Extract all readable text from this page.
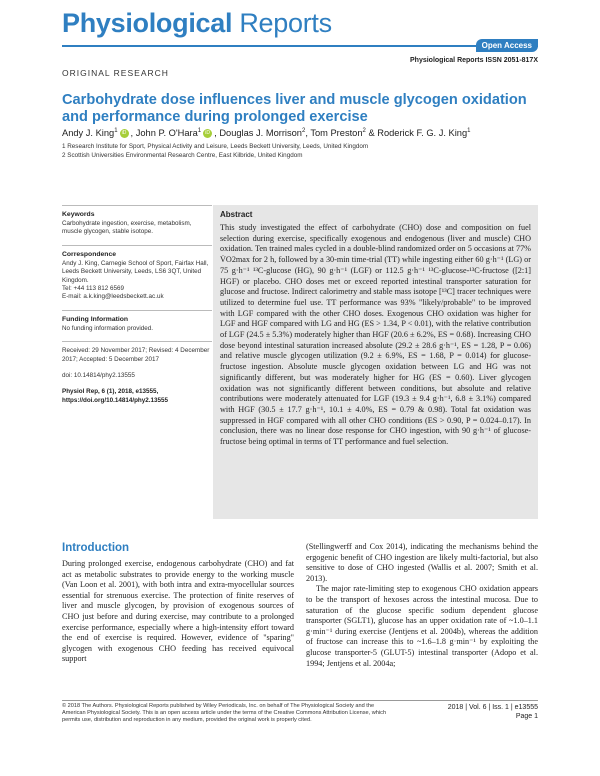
Physiological Reports
Open Access
Physiological Reports ISSN 2051-817X
ORIGINAL RESEARCH
Carbohydrate dose influences liver and muscle glycogen oxidation and performance during prolonged exercise
Andy J. King$^1$ iD , John P. O'Hara$^1$ iD , Douglas J. Morrison$^2$, Tom Preston$^2$ & Roderick F. G. J. King$^1$
1 Research Institute for Sport, Physical Activity and Leisure, Leeds Beckett University, Leeds, United Kingdom
2 Scottish Universities Environmental Research Centre, East Kilbride, United Kingdom
Keywords
Carbohydrate ingestion, exercise, metabolism, muscle glycogen, stable isotope.
Correspondence
Andy J. King, Carnegie School of Sport, Fairfax Hall, Leeds Beckett University, Leeds, LS6 3QT, United Kingdom.
Tel: +44 113 812 6569
E-mail: a.k.king@leedsbeckett.ac.uk
Funding Information
No funding information provided.
Received: 29 November 2017; Revised: 4 December 2017; Accepted: 5 December 2017
doi: 10.14814/phy2.13555
Physiol Rep, 6 (1), 2018, e13555, https://doi.org/10.14814/phy2.13555
Abstract
This study investigated the effect of carbohydrate (CHO) dose and composition on fuel selection during exercise, specifically exogenous and endogenous (liver and muscle) CHO oxidation. Ten trained males cycled in a double-blind randomized order on 5 occasions at 77% V̇O2max for 2 h, followed by a 30-min time-trial (TT) while ingesting either 60 g·h⁻¹ (LG) or 75 g·h⁻¹ ¹³C-glucose (HG), 90 g·h⁻¹ (LGF) or 112.5 g·h⁻¹ ¹³C-glucose-¹³C-fructose ([2:1] HGF) or placebo. CHO doses met or exceed reported intestinal transporter saturation for glucose and fructose. Indirect calorimetry and stable mass isotope [¹³C] tracer techniques were utilized to determine fuel use. TT performance was 93% "likely/probable" to be improved with LGF compared with the other CHO doses. Exogenous CHO oxidation was higher for LGF and HGF compared with LG and HG (ES > 1.34, P < 0.01), with the relative contribution of LGF (24.5 ± 5.3%) moderately higher than HGF (20.6 ± 6.2%, ES = 0.68). Increasing CHO dose beyond intestinal saturation increased absolute (29.2 ± 28.6 g·h⁻¹, ES = 1.28, P = 0.06) and relative muscle glycogen utilization (9.2 ± 6.9%, ES = 1.68, P = 0.014) for glucose-fructose ingestion. Absolute muscle glycogen oxidation between LG and HG was not significantly different, but was moderately higher for HG (ES = 0.60). Liver glycogen oxidation was not significantly different between conditions, but absolute and relative contributions were moderately attenuated for LGF (19.3 ± 9.4 g·h⁻¹, 6.8 ± 3.1%) compared with HGF (30.5 ± 17.7 g·h⁻¹, 10.1 ± 4.0%, ES = 0.79 & 0.98). Total fat oxidation was suppressed in HGF compared with all other CHO conditions (ES > 0.90, P = 0.024–0.17). In conclusion, there was no linear dose response for CHO ingestion, with 90 g·h⁻¹ of glucose-fructose being optimal in terms of TT performance and fuel selection.
Introduction

During prolonged exercise, endogenous carbohydrate (CHO) and fat act as metabolic substrates to provide energy to the working muscle (Van Loon et al. 2001), with both intra and extra-myocellular sources essential for strenuous exercise. The protection of finite reserves of liver and muscle glycogen, by provision of exogenous sources of CHO just before and during exercise, may contribute to a prolonged exercise performance, especially where a high-intensity effort toward the end of exercise is required. However, evidence of "sparing" glycogen with exogenous CHO feeding has received equivocal support

(Stellingwerff and Cox 2014), indicating the mechanisms behind the ergogenic benefit of CHO ingestion are likely multi-factorial, but also sensitive to dose of CHO ingested (Wallis et al. 2007; Smith et al. 2013).

The major rate-limiting step to exogenous CHO oxidation appears to be the transport of hexoses across the intestinal mucosa. Due to saturation of the glucose specific sodium dependent glucose transporter (SGLT1), glucose has an upper oxidation rate of ~1.0–1.1 g·min⁻¹ during exercise (Jentjens et al. 2004b), whereas the addition of fructose can increase this to ~1.6–1.8 g·min⁻¹ by exploiting the glucose transporter-5 (GLUT-5) intestinal transporter (Adopo et al. 1994; Jentjens et al. 2004a;

© 2018 The Authors. Physiological Reports published by Wiley Periodicals, Inc. on behalf of The Physiological Society and the American Physiological Society. This is an open access article under the terms of the Creative Commons Attribution License, which permits use, distribution and reproduction in any medium, provided the original work is properly cited.
2018 | Vol. 6 | Iss. 1 | e13555
Page 1
